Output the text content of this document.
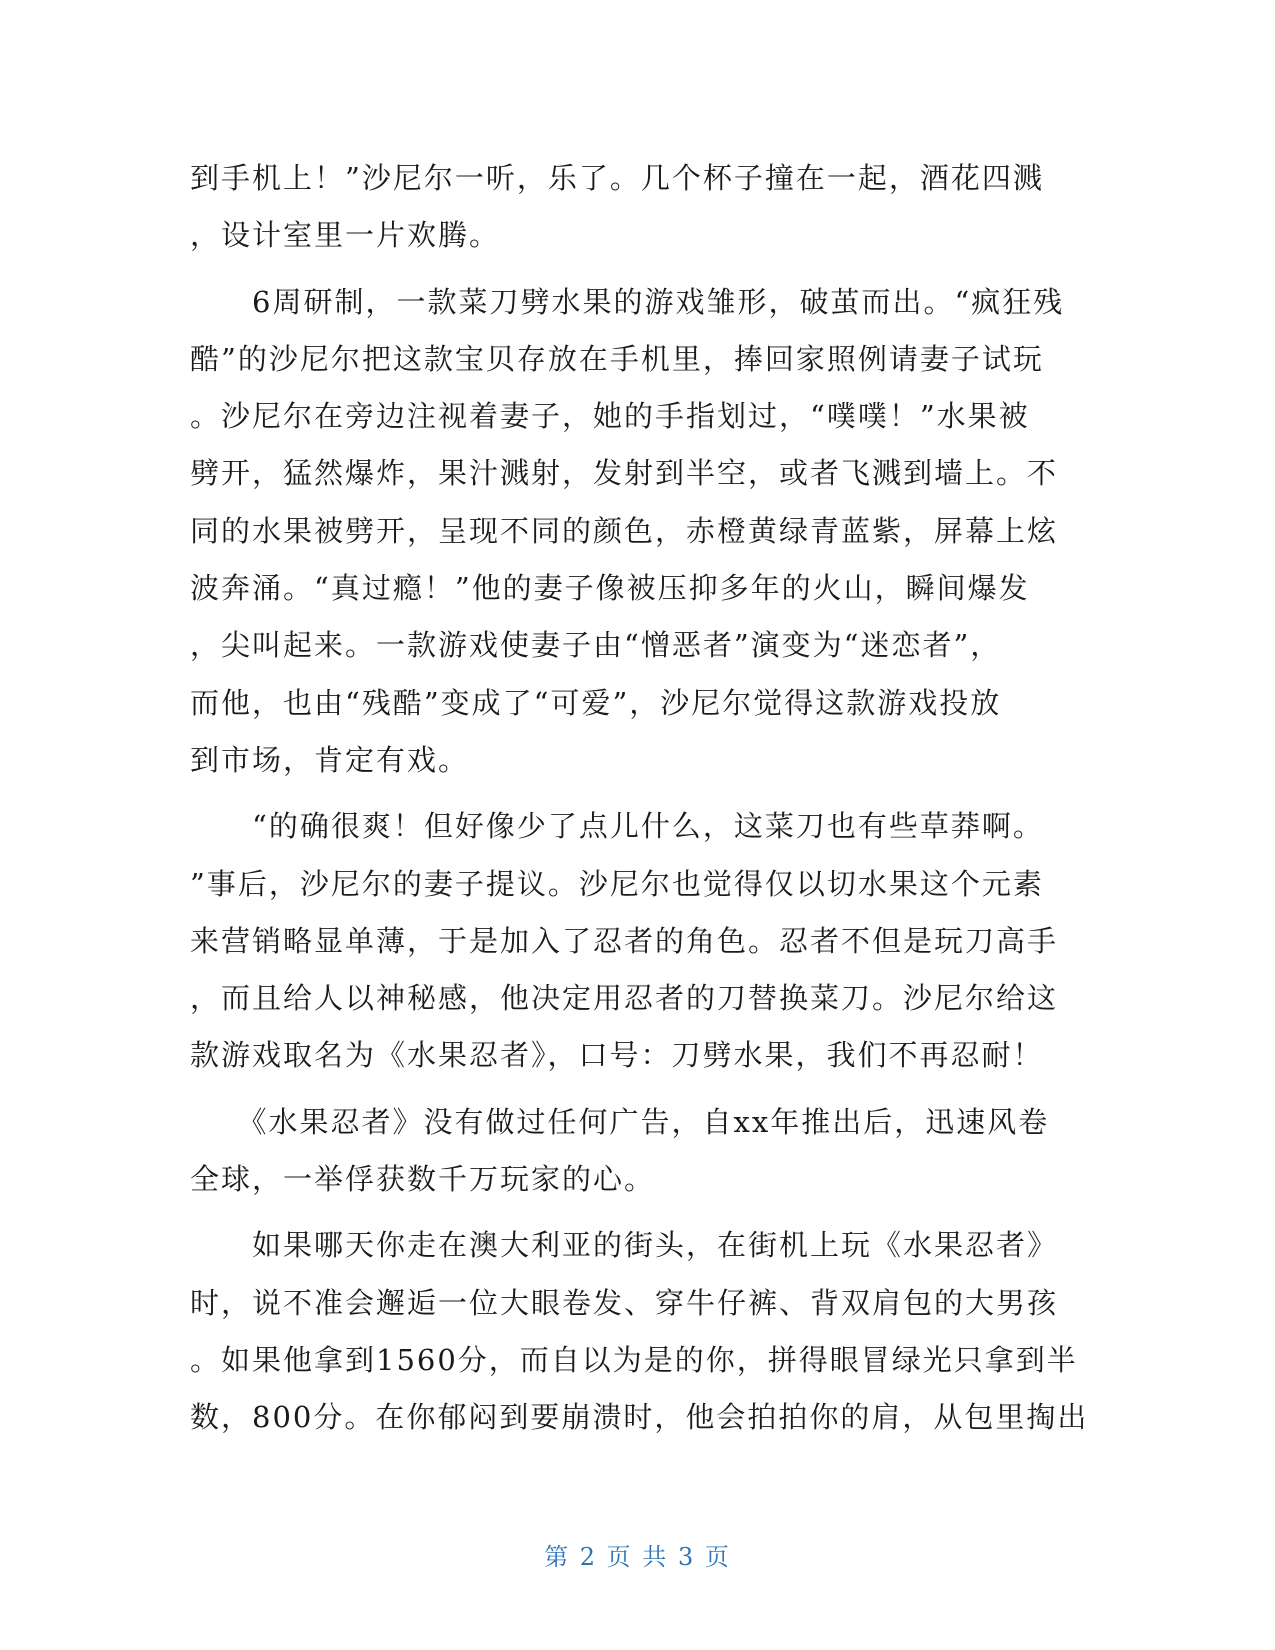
到手机上！”沙尼尔一听，乐了。几个杯子撞在一起，酒花四溅
，设计室里一片欢腾。
　　6周研制，一款菜刀劈水果的游戏雏形，破茧而出。“疯狂残
酷”的沙尼尔把这款宝贝存放在手机里，捧回家照例请妻子试玩
。沙尼尔在旁边注视着妻子，她的手指划过，“噗噗！”水果被
劈开，猛然爆炸，果汁溅射，发射到半空，或者飞溅到墙上。不
同的水果被劈开，呈现不同的颜色，赤橙黄绿青蓝紫，屏幕上炫
波奔涌。“真过瘾！”他的妻子像被压抑多年的火山，瞬间爆发
，尖叫起来。一款游戏使妻子由“憎恶者”演变为“迷恋者”，
而他，也由“残酷”变成了“可爱”，沙尼尔觉得这款游戏投放
到市场，肯定有戏。
　　“的确很爽！但好像少了点儿什么，这菜刀也有些草莽啊。
”事后，沙尼尔的妻子提议。沙尼尔也觉得仅以切水果这个元素
来营销略显单薄，于是加入了忍者的角色。忍者不但是玩刀高手
，而且给人以神秘感，他决定用忍者的刀替换菜刀。沙尼尔给这
款游戏取名为《水果忍者》，口号：刀劈水果，我们不再忍耐！
　　《水果忍者》没有做过任何广告，自xx年推出后，迅速风卷
全球，一举俘获数千万玩家的心。
　　如果哪天你走在澳大利亚的街头，在街机上玩《水果忍者》
时，说不准会邂逅一位大眼卷发、穿牛仔裤、背双肩包的大男孩
。如果他拿到1560分，而自以为是的你，拼得眼冒绿光只拿到半
数，800分。在你郁闷到要崩溃时，他会拍拍你的肩，从包里掏出
第 2 页 共 3 页
